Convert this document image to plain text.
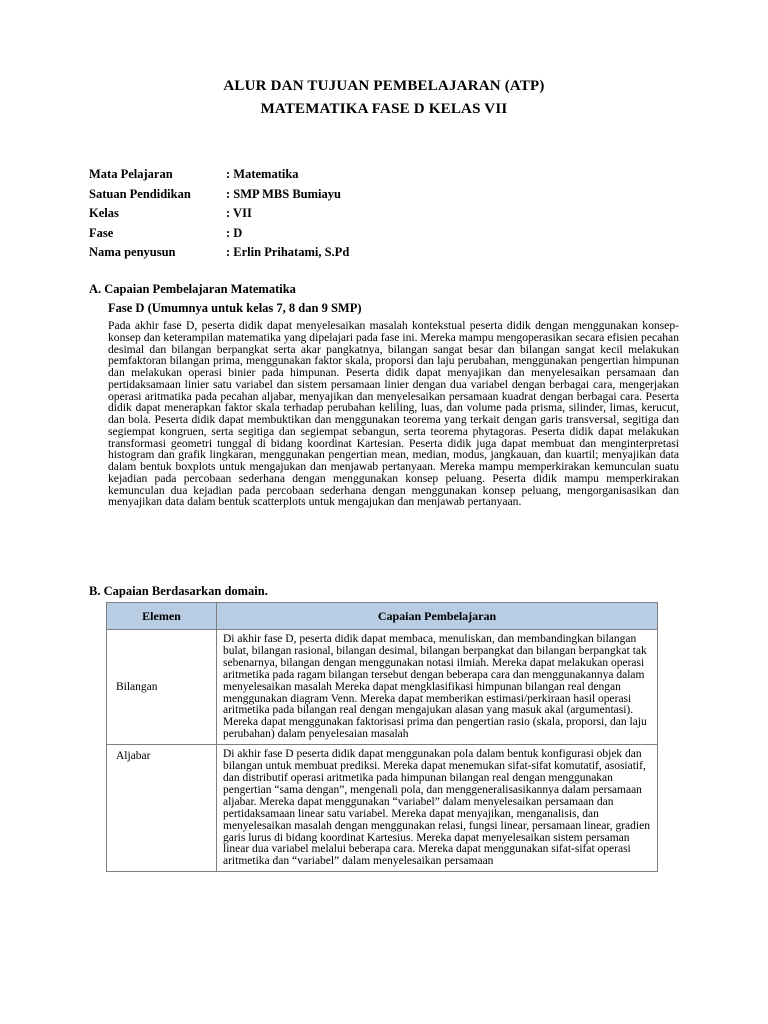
ALUR DAN TUJUAN PEMBELAJARAN (ATP)
MATEMATIKA FASE D KELAS VII
Mata Pelajaran	: Matematika
Satuan Pendidikan	: SMP MBS Bumiayu
Kelas	: VII
Fase	: D
Nama penyusun	: Erlin Prihatami, S.Pd
A. Capaian Pembelajaran Matematika
Fase D (Umumnya untuk kelas 7, 8 dan 9 SMP)
Pada akhir fase D, peserta didik dapat menyelesaikan masalah kontekstual peserta didik dengan menggunakan konsep-konsep dan keterampilan matematika yang dipelajari pada fase ini. Mereka mampu mengoperasikan secara efisien pecahan desimal dan bilangan berpangkat serta akar pangkatnya, bilangan sangat besar dan bilangan sangat kecil melakukan pemfaktoran bilangan prima, menggunakan faktor skala, proporsi dan laju perubahan, menggunakan pengertian himpunan dan melakukan operasi binier pada himpunan. Peserta didik dapat menyajikan dan menyelesaikan persamaan dan pertidaksamaan linier satu variabel dan sistem persamaan linier dengan dua variabel dengan berbagai cara, mengerjakan operasi aritmatika pada pecahan aljabar, menyajikan dan menyelesaikan persamaan kuadrat dengan berbagai cara. Peserta didik dapat menerapkan faktor skala terhadap perubahan keliling, luas, dan volume pada prisma, silinder, limas, kerucut, dan bola. Peserta didik dapat membuktikan dan menggunakan teorema yang terkait dengan garis transversal, segitiga dan segiempat kongruen, serta segitiga dan segiempat sebangun, serta teorema phytagoras. Peserta didik dapat melakukan transformasi geometri tunggal di bidang koordinat Kartesian. Peserta didik juga dapat membuat dan menginterpretasi histogram dan grafik lingkaran, menggunakan pengertian mean, median, modus, jangkauan, dan kuartil; menyajikan data dalam bentuk boxplots untuk mengajukan dan menjawab pertanyaan. Mereka mampu memperkirakan kemunculan suatu kejadian pada percobaan sederhana dengan menggunakan konsep peluang. Peserta didik mampu memperkirakan kemunculan dua kejadian pada percobaan sederhana dengan menggunakan konsep peluang, mengorganisasikan dan menyajikan data dalam bentuk scatterplots untuk mengajukan dan menjawab pertanyaan.
B. Capaian Berdasarkan domain.
Elemen	Capaian Pembelajaran
Bilangan	Di akhir fase D, peserta didik dapat membaca, menuliskan, dan membandingkan bilangan bulat, bilangan rasional, bilangan desimal, bilangan berpangkat dan bilangan berpangkat tak sebenarnya, bilangan dengan menggunakan notasi ilmiah. Mereka dapat melakukan operasi aritmetika pada ragam bilangan tersebut dengan beberapa cara dan menggunakannya dalam menyelesaikan masalah Mereka dapat mengklasifikasi himpunan bilangan real dengan menggunakan diagram Venn. Mereka dapat memberikan estimasi/perkiraan hasil operasi aritmetika pada bilangan real dengan mengajukan alasan yang masuk akal (argumentasi). Mereka dapat menggunakan faktorisasi prima dan pengertian rasio (skala, proporsi, dan laju perubahan) dalam penyelesaian masalah
Aljabar	Di akhir fase D peserta didik dapat menggunakan pola dalam bentuk konfigurasi objek dan bilangan untuk membuat prediksi. Mereka dapat menemukan sifat-sifat komutatif, asosiatif, dan distributif operasi aritmetika pada himpunan bilangan real dengan menggunakan pengertian “sama dengan”, mengenali pola, dan menggeneralisasikannya dalam persamaan aljabar. Mereka dapat menggunakan “variabel” dalam menyelesaikan persamaan dan pertidaksamaan linear satu variabel. Mereka dapat menyajikan, menganalisis, dan menyelesaikan masalah dengan menggunakan relasi, fungsi linear, persamaan linear, gradien garis lurus di bidang koordinat Kartesius. Mereka dapat menyelesaikan sistem persaman linear dua variabel melalui beberapa cara. Mereka dapat menggunakan sifat-sifat operasi aritmetika dan “variabel” dalam menyelesaikan persamaan
